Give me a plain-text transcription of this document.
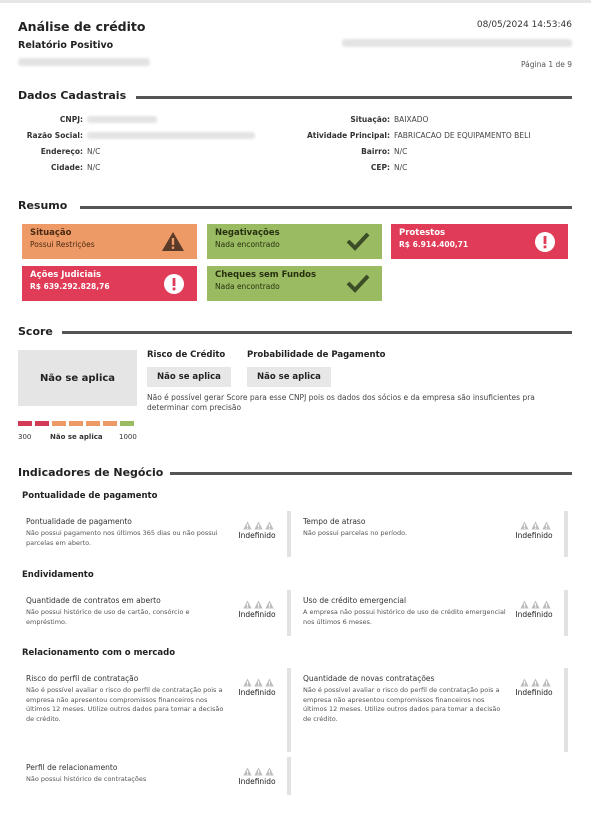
Análise de crédito
Relatório Positivo
08/05/2024 14:53:46
Página 1 de 9
Dados Cadastrais
CNPJ:
Razão Social:
Endereço: N/C
Cidade: N/C
Situação: BAIXADO
Atividade Principal: FABRICACAO DE EQUIPAMENTO BELI
Bairro: N/C
CEP: N/C
Resumo
Situação
Possui Restrições
Negativações
Nada encontrado
Protestos
R$ 6.914.400,71
Ações Judiciais
R$ 639.292.828,76
Cheques sem Fundos
Nada encontrado
Score
Não se aplica
300	Não se aplica 1000
Risco de Crédito
Não se aplica
Probabilidade de Pagamento
Não se aplica
Não é possível gerar Score para esse CNPJ pois os dados dos sócios e da empresa são insuficientes pra determinar com precisão
Indicadores de Negócio
Pontualidade de pagamento
Endividamento
Relacionamento com o mercado
Pontualidade de pagamento
Não possui pagamento nos últimos 365 dias ou não possui parcelas em aberto.
Indefinido
Tempo de atraso
Não possui parcelas no período.	Indefinido
Quantidade de contratos em aberto
Não possui histórico de uso de cartão, consórcio e empréstimo.
Indefinido
Uso de crédito emergencial
A empresa não possui histórico de uso de crédito emergencial nos últimos 6 meses.
Indefinido
Risco do perfil de contratação
Não é possível avaliar o risco do perfil de contratação pois a empresa não apresentou compromissos financeiros nos últimos 12 meses. Utilize outros dados para tomar a decisão de crédito.
Indefinido
Quantidade de novas contratações
Não é possível avaliar o risco do perfil de contratação pois a empresa não apresentou compromissos financeiros nos últimos 12 meses. Utilize outros dados para tomar a decisão de crédito.
Indefinido
Perfil de relacionamento
Não possui histórico de contratações	Indefinido
